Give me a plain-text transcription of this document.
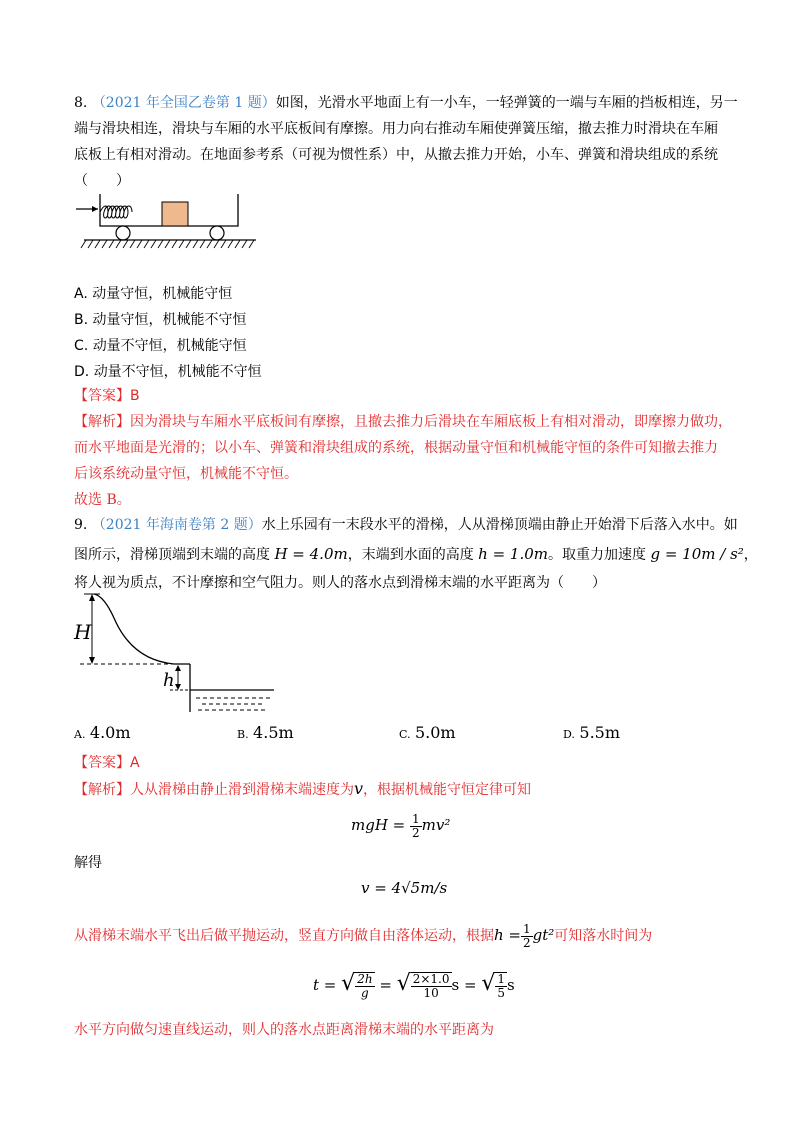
8. （2021 年全国乙卷第 1 题）如图，光滑水平地面上有一小车，一轻弹簧的一端与车厢的挡板相连，另一
端与滑块相连，滑块与车厢的水平底板间有摩擦。用力向右推动车厢使弹簧压缩，撤去推力时滑块在车厢
底板上有相对滑动。在地面参考系（可视为惯性系）中，从撤去推力开始，小车、弹簧和滑块组成的系统
（　　）
A. 动量守恒，机械能守恒
B. 动量守恒，机械能不守恒
C. 动量不守恒，机械能守恒
D. 动量不守恒，机械能不守恒
【答案】B
【解析】因为滑块与车厢水平底板间有摩擦，且撤去推力后滑块在车厢底板上有相对滑动，即摩擦力做功，
而水平地面是光滑的；以小车、弹簧和滑块组成的系统，根据动量守恒和机械能守恒的条件可知撤去推力
后该系统动量守恒，机械能不守恒。
故选 B。
9. （2021 年海南卷第 2 题）水上乐园有一末段水平的滑梯，人从滑梯顶端由静止开始滑下后落入水中。如
图所示，滑梯顶端到末端的高度 H = 4.0m，末端到水面的高度 h = 1.0m。取重力加速度 g = 10m / s²，
将人视为质点，不计摩擦和空气阻力。则人的落水点到滑梯末端的水平距离为（　　）
H
h
A. 4.0m	B. 4.5m	C. 5.0m	D. 5.5m
【答案】A
【解析】人从滑梯由静止滑到滑梯末端速度为v，根据机械能守恒定律可知
mgH = $\frac{1}{2} mv^2$
解得
v = 4√5m/s
从滑梯末端水平飞出后做平抛运动，竖直方向做自由落体运动，根据$h = \frac{1}{2} gt^2$可知落水时间为
t = √ $\frac{2h}{g}$ = √ $\frac{2\times 1.0}{10}$ s = √ $\frac{1}{5}$ s
水平方向做匀速直线运动，则人的落水点距离滑梯末端的水平距离为
